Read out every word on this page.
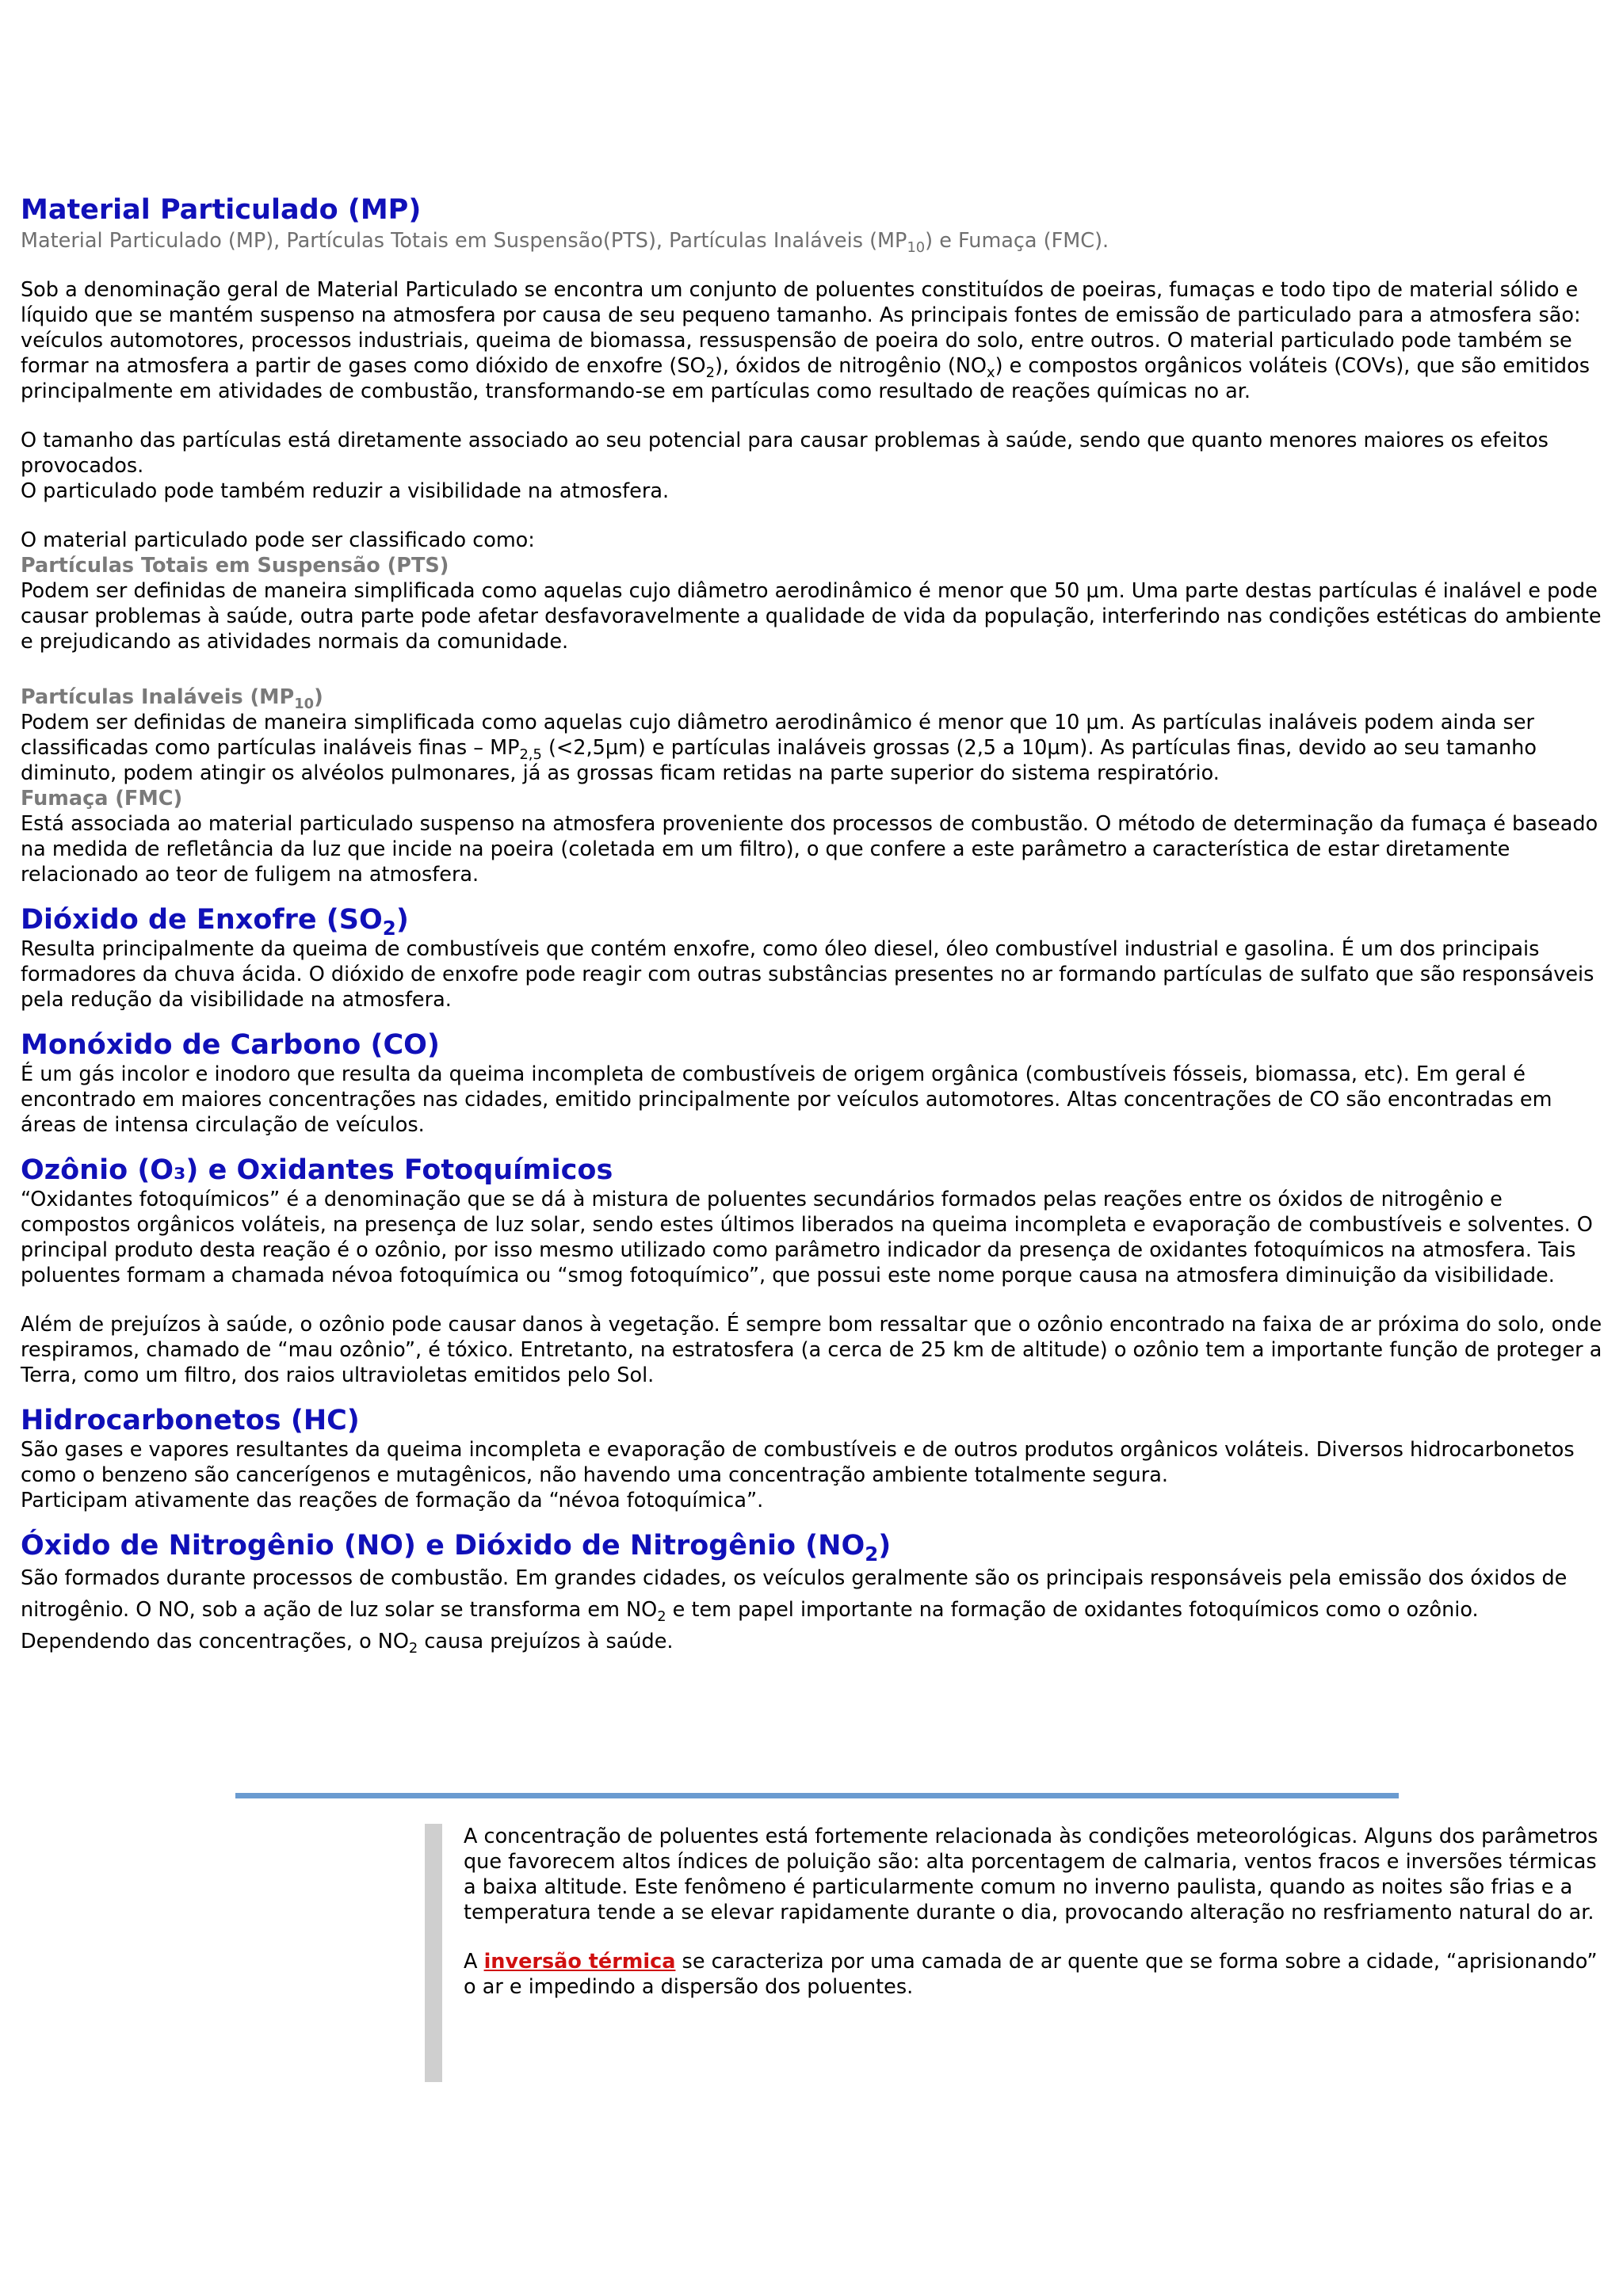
Material Particulado (MP)

Material Particulado (MP), Partículas Totais em Suspensão(PTS), Partículas Inaláveis $(MP_{10})$ e Fumaça (FMC).

Sob a denominação geral de Material Particulado se encontra um conjunto de poluentes constituídos de poeiras, fumaças e todo tipo de material sólido e líquido que se mantém suspenso na atmosfera por causa de seu pequeno tamanho. As principais fontes de emissão de particulado para a atmosfera são: veículos automotores, processos industriais, queima de biomassa, ressuspensão de poeira do solo, entre outros. O material particulado pode também se formar na atmosfera a partir de gases como dióxido de enxofre $(SO_2)$, óxidos de nitrogênio $(NO_x)$ e compostos orgânicos voláteis (COVs), que são emitidos principalmente em atividades de combustão, transformando-se em partículas como resultado de reações químicas no ar.

O tamanho das partículas está diretamente associado ao seu potencial para causar problemas à saúde, sendo que quanto menores maiores os efeitos provocados.

O particulado pode também reduzir a visibilidade na atmosfera.

O material particulado pode ser classificado como:

Partículas Totais em Suspensão (PTS)

Podem ser definidas de maneira simplificada como aquelas cujo diâmetro aerodinâmico é menor que 50 µm. Uma parte destas partículas é inalável e pode causar problemas à saúde, outra parte pode afetar desfavoravelmente a qualidade de vida da população, interferindo nas condições estéticas do ambiente e prejudicando as atividades normais da comunidade.

Partículas Inaláveis $(MP_{10})$

Podem ser definidas de maneira simplificada como aquelas cujo diâmetro aerodinâmico é menor que 10 µm. As partículas inaláveis podem ainda ser classificadas como partículas inaláveis finas – $MP_{2,5}$ (<2,5µm) e partículas inaláveis grossas (2,5 a 10µm). As partículas finas, devido ao seu tamanho diminuto, podem atingir os alvéolos pulmonares, já as grossas ficam retidas na parte superior do sistema respiratório.

Fumaça (FMC)

Está associada ao material particulado suspenso na atmosfera proveniente dos processos de combustão. O método de determinação da fumaça é baseado na medida de refletância da luz que incide na poeira (coletada em um filtro), o que confere a este parâmetro a característica de estar diretamente relacionado ao teor de fuligem na atmosfera.

Dióxido de Enxofre $(SO_2)$

Resulta principalmente da queima de combustíveis que contém enxofre, como óleo diesel, óleo combustível industrial e gasolina. É um dos principais formadores da chuva ácida. O dióxido de enxofre pode reagir com outras substâncias presentes no ar formando partículas de sulfato que são responsáveis pela redução da visibilidade na atmosfera.

Monóxido de Carbono (CO)

É um gás incolor e inodoro que resulta da queima incompleta de combustíveis de origem orgânica (combustíveis fósseis, biomassa, etc). Em geral é encontrado em maiores concentrações nas cidades, emitido principalmente por veículos automotores. Altas concentrações de CO são encontradas em áreas de intensa circulação de veículos.

Ozônio (O₃) e Oxidantes Fotoquímicos

“Oxidantes fotoquímicos” é a denominação que se dá à mistura de poluentes secundários formados pelas reações entre os óxidos de nitrogênio e compostos orgânicos voláteis, na presença de luz solar, sendo estes últimos liberados na queima incompleta e evaporação de combustíveis e solventes. O principal produto desta reação é o ozônio, por isso mesmo utilizado como parâmetro indicador da presença de oxidantes fotoquímicos na atmosfera. Tais poluentes formam a chamada névoa fotoquímica ou “smog fotoquímico”, que possui este nome porque causa na atmosfera diminuição da visibilidade.

Além de prejuízos à saúde, o ozônio pode causar danos à vegetação. É sempre bom ressaltar que o ozônio encontrado na faixa de ar próxima do solo, onde respiramos, chamado de “mau ozônio”, é tóxico. Entretanto, na estratosfera (a cerca de 25 km de altitude) o ozônio tem a importante função de proteger a Terra, como um filtro, dos raios ultravioletas emitidos pelo Sol.

Hidrocarbonetos (HC)

São gases e vapores resultantes da queima incompleta e evaporação de combustíveis e de outros produtos orgânicos voláteis. Diversos hidrocarbonetos como o benzeno são cancerígenos e mutagênicos, não havendo uma concentração ambiente totalmente segura.

Participam ativamente das reações de formação da “névoa fotoquímica”.

Óxido de Nitrogênio (NO) e Dióxido de Nitrogênio $(NO_2)$

São formados durante processos de combustão. Em grandes cidades, os veículos geralmente são os principais responsáveis pela emissão dos óxidos de nitrogênio. O NO, sob a ação de luz solar se transforma em $NO_2$ e tem papel importante na formação de oxidantes fotoquímicos como o ozônio. Dependendo das concentrações, o $NO_2$ causa prejuízos à saúde.

A concentração de poluentes está fortemente relacionada às condições meteorológicas. Alguns dos parâmetros que favorecem altos índices de poluição são: alta porcentagem de calmaria, ventos fracos e inversões térmicas a baixa altitude. Este fenômeno é particularmente comum no inverno paulista, quando as noites são frias e a temperatura tende a se elevar rapidamente durante o dia, provocando alteração no resfriamento natural do ar.

A inversão térmica se caracteriza por uma camada de ar quente que se forma sobre a cidade, “aprisionando” o ar e impedindo a dispersão dos poluentes.
